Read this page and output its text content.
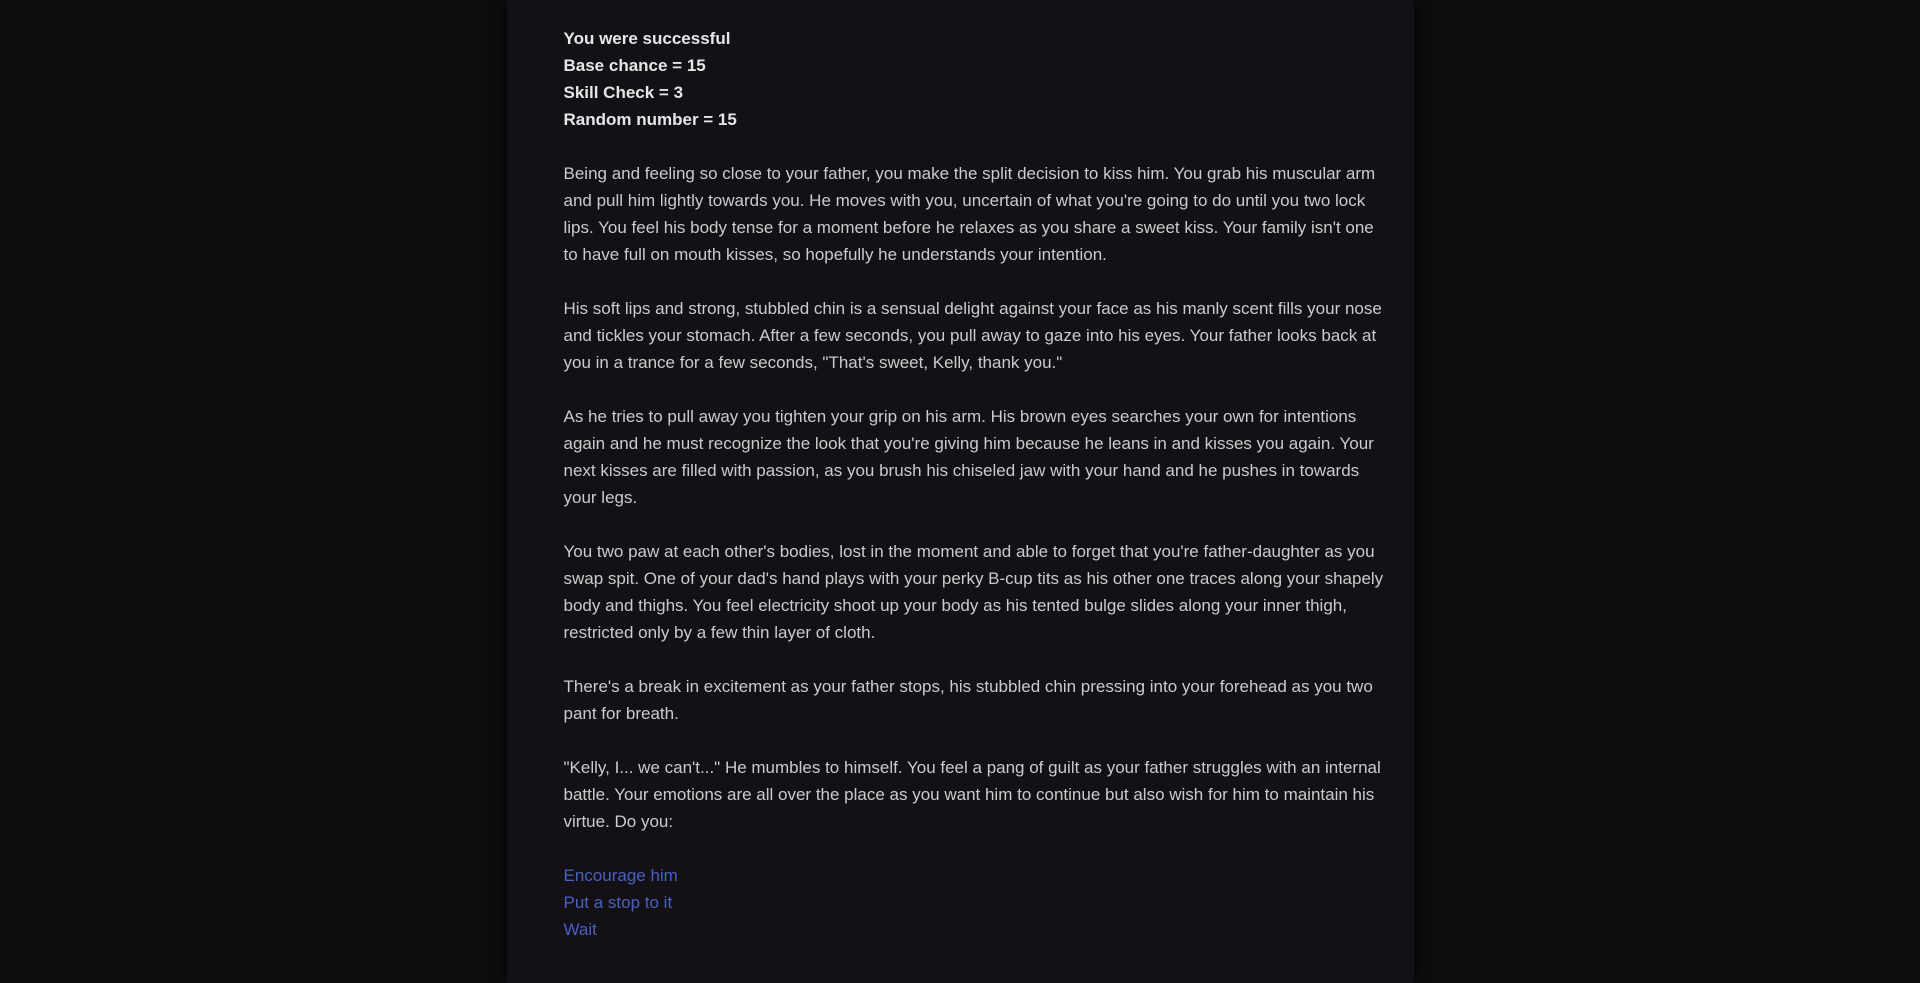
You were successful
Base chance = 15
Skill Check = 3
Random number = 15

Being and feeling so close to your father, you make the split decision to kiss him. You grab his muscular arm and pull him lightly towards you. He moves with you, uncertain of what you're going to do until you two lock lips. You feel his body tense for a moment before he relaxes as you share a sweet kiss. Your family isn't one to have full on mouth kisses, so hopefully he understands your intention.

His soft lips and strong, stubbled chin is a sensual delight against your face as his manly scent fills your nose and tickles your stomach. After a few seconds, you pull away to gaze into his eyes. Your father looks back at you in a trance for a few seconds, "That's sweet, Kelly, thank you."

As he tries to pull away you tighten your grip on his arm. His brown eyes searches your own for intentions again and he must recognize the look that you're giving him because he leans in and kisses you again. Your next kisses are filled with passion, as you brush his chiseled jaw with your hand and he pushes in towards your legs.

You two paw at each other's bodies, lost in the moment and able to forget that you're father-daughter as you swap spit. One of your dad's hand plays with your perky B-cup tits as his other one traces along your shapely body and thighs. You feel electricity shoot up your body as his tented bulge slides along your inner thigh, restricted only by a few thin layer of cloth.

There's a break in excitement as your father stops, his stubbled chin pressing into your forehead as you two pant for breath.

"Kelly, I... we can't..." He mumbles to himself. You feel a pang of guilt as your father struggles with an internal battle. Your emotions are all over the place as you want him to continue but also wish for him to maintain his virtue. Do you:

Encourage him
Put a stop to it
Wait
